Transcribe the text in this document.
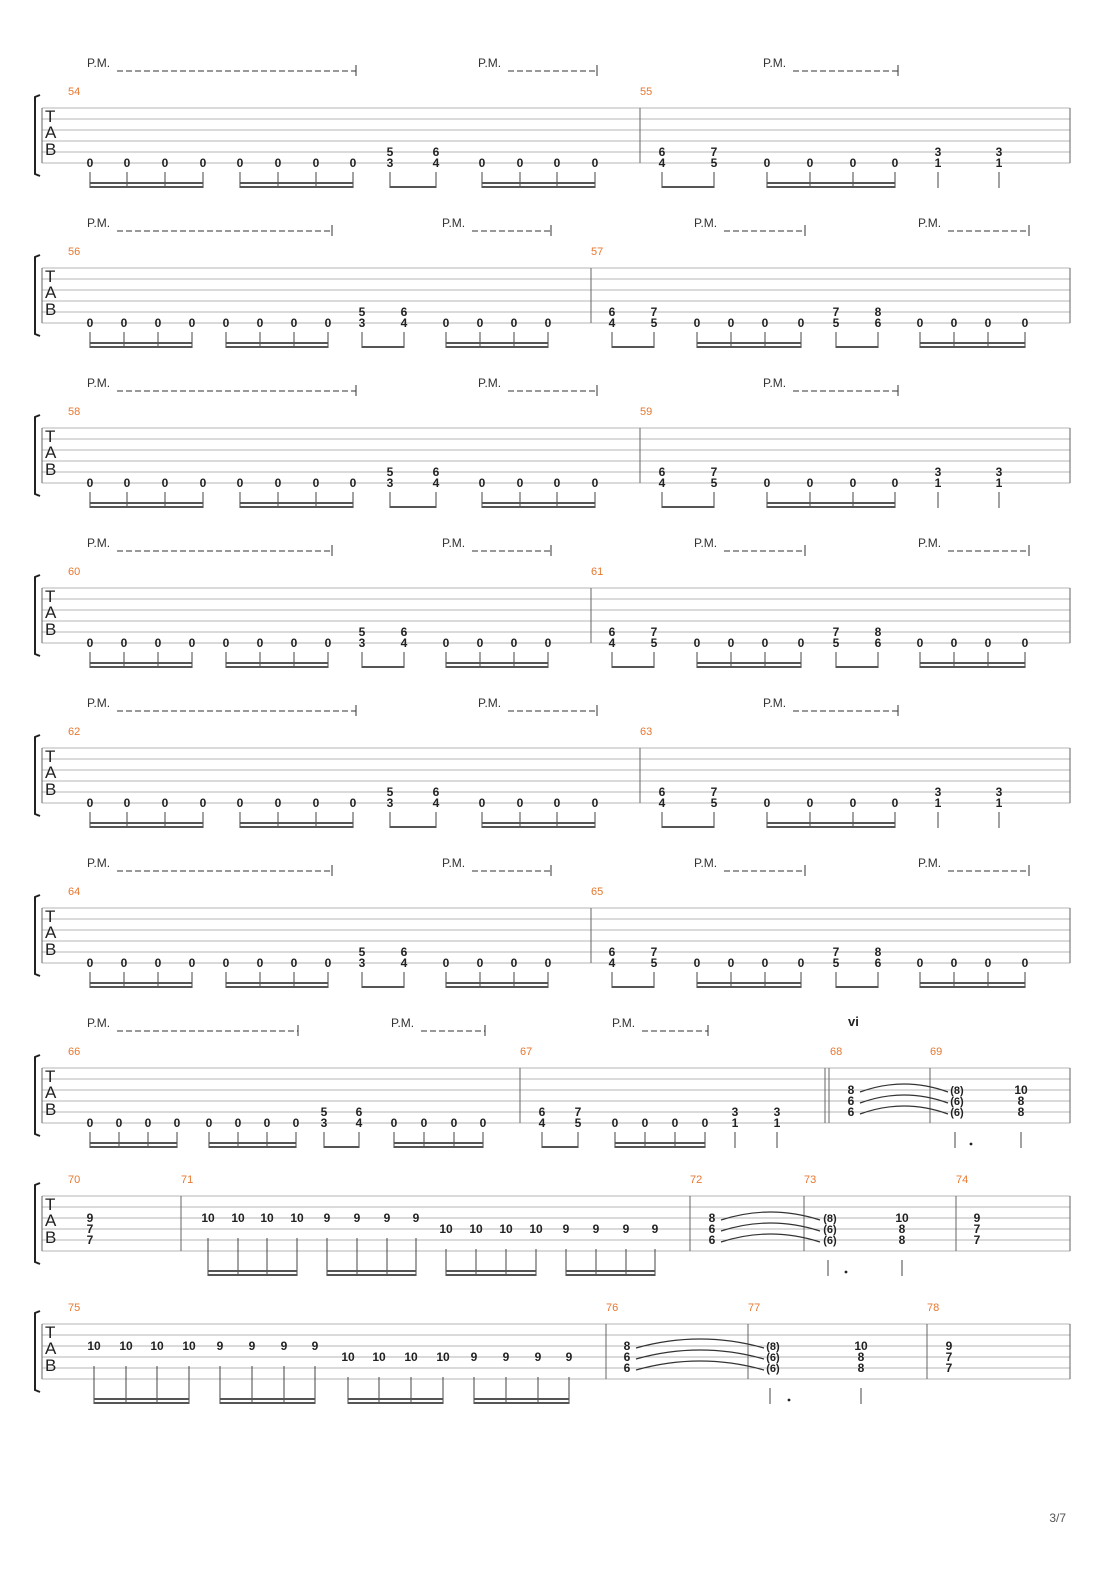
T
A
B
54	55
P.M.	P.M.	P.M.
0	0	0	0	0	0	0	0
5
3
6
4	0	0	0	0
6
4
7
5	0	0	0	0
3
1
3
1
T
A
B
58	59
P.M.	P.M.	P.M.
0	0	0	0	0	0	0	0
5
3
6
4	0	0	0	0
6
4
7
5	0	0	0	0
3
1
3
1
T
A
B
62	63
P.M.	P.M.	P.M.
0	0	0	0	0	0	0	0
5
3
6
4	0	0	0	0
6
4
7
5	0	0	0	0
3
1
3
1
T
A
B
56	57
P.M.	P.M.	P.M.	P.M.
0 0 0 0 0 0 0 0
5
3
6
4	0 0 0 0
6
4
7
5	0 0 0 0
7
5
8
6	0 0 0	0
T
A
B
60	61
P.M.	P.M.	P.M.	P.M.
0 0 0 0 0 0 0 0
5
3
6
4	0 0 0 0
6
4
7
5	0 0 0 0
7
5
8
6	0 0 0	0
T
A
B
64	65
P.M.	P.M.	P.M.	P.M.
0 0 0 0 0 0 0 0
5
3
6
4	0 0 0 0
6
4
7
5	0 0 0 0
7
5
8
6	0 0 0	0
T
A
B
66	67	68	69
P.M.	P.M.	P.M.	vi
0 0 0 0 0 0 0 0
5
3
6
4 0 0 0 0
6
4
7
5	0 0 0 0
3
1
3
1
8	(8)	10
6	(6)	8
6	(6)	8
T
A
B
70	71	72	73	74
9	8	(8)	10	9
7	6	(6)	8	7
7	6	(6)	8	7
10 10 10 10 9 9 9 9
10 10 10 10 9 9 9 9
T
A
B
75	76	77	78
10 10 10 10 9 9 9 9
10 10 10 10 9 9 9 9
8	(8)	10	9
6	(6)	8	7
6	(6)	8	7
3/7
